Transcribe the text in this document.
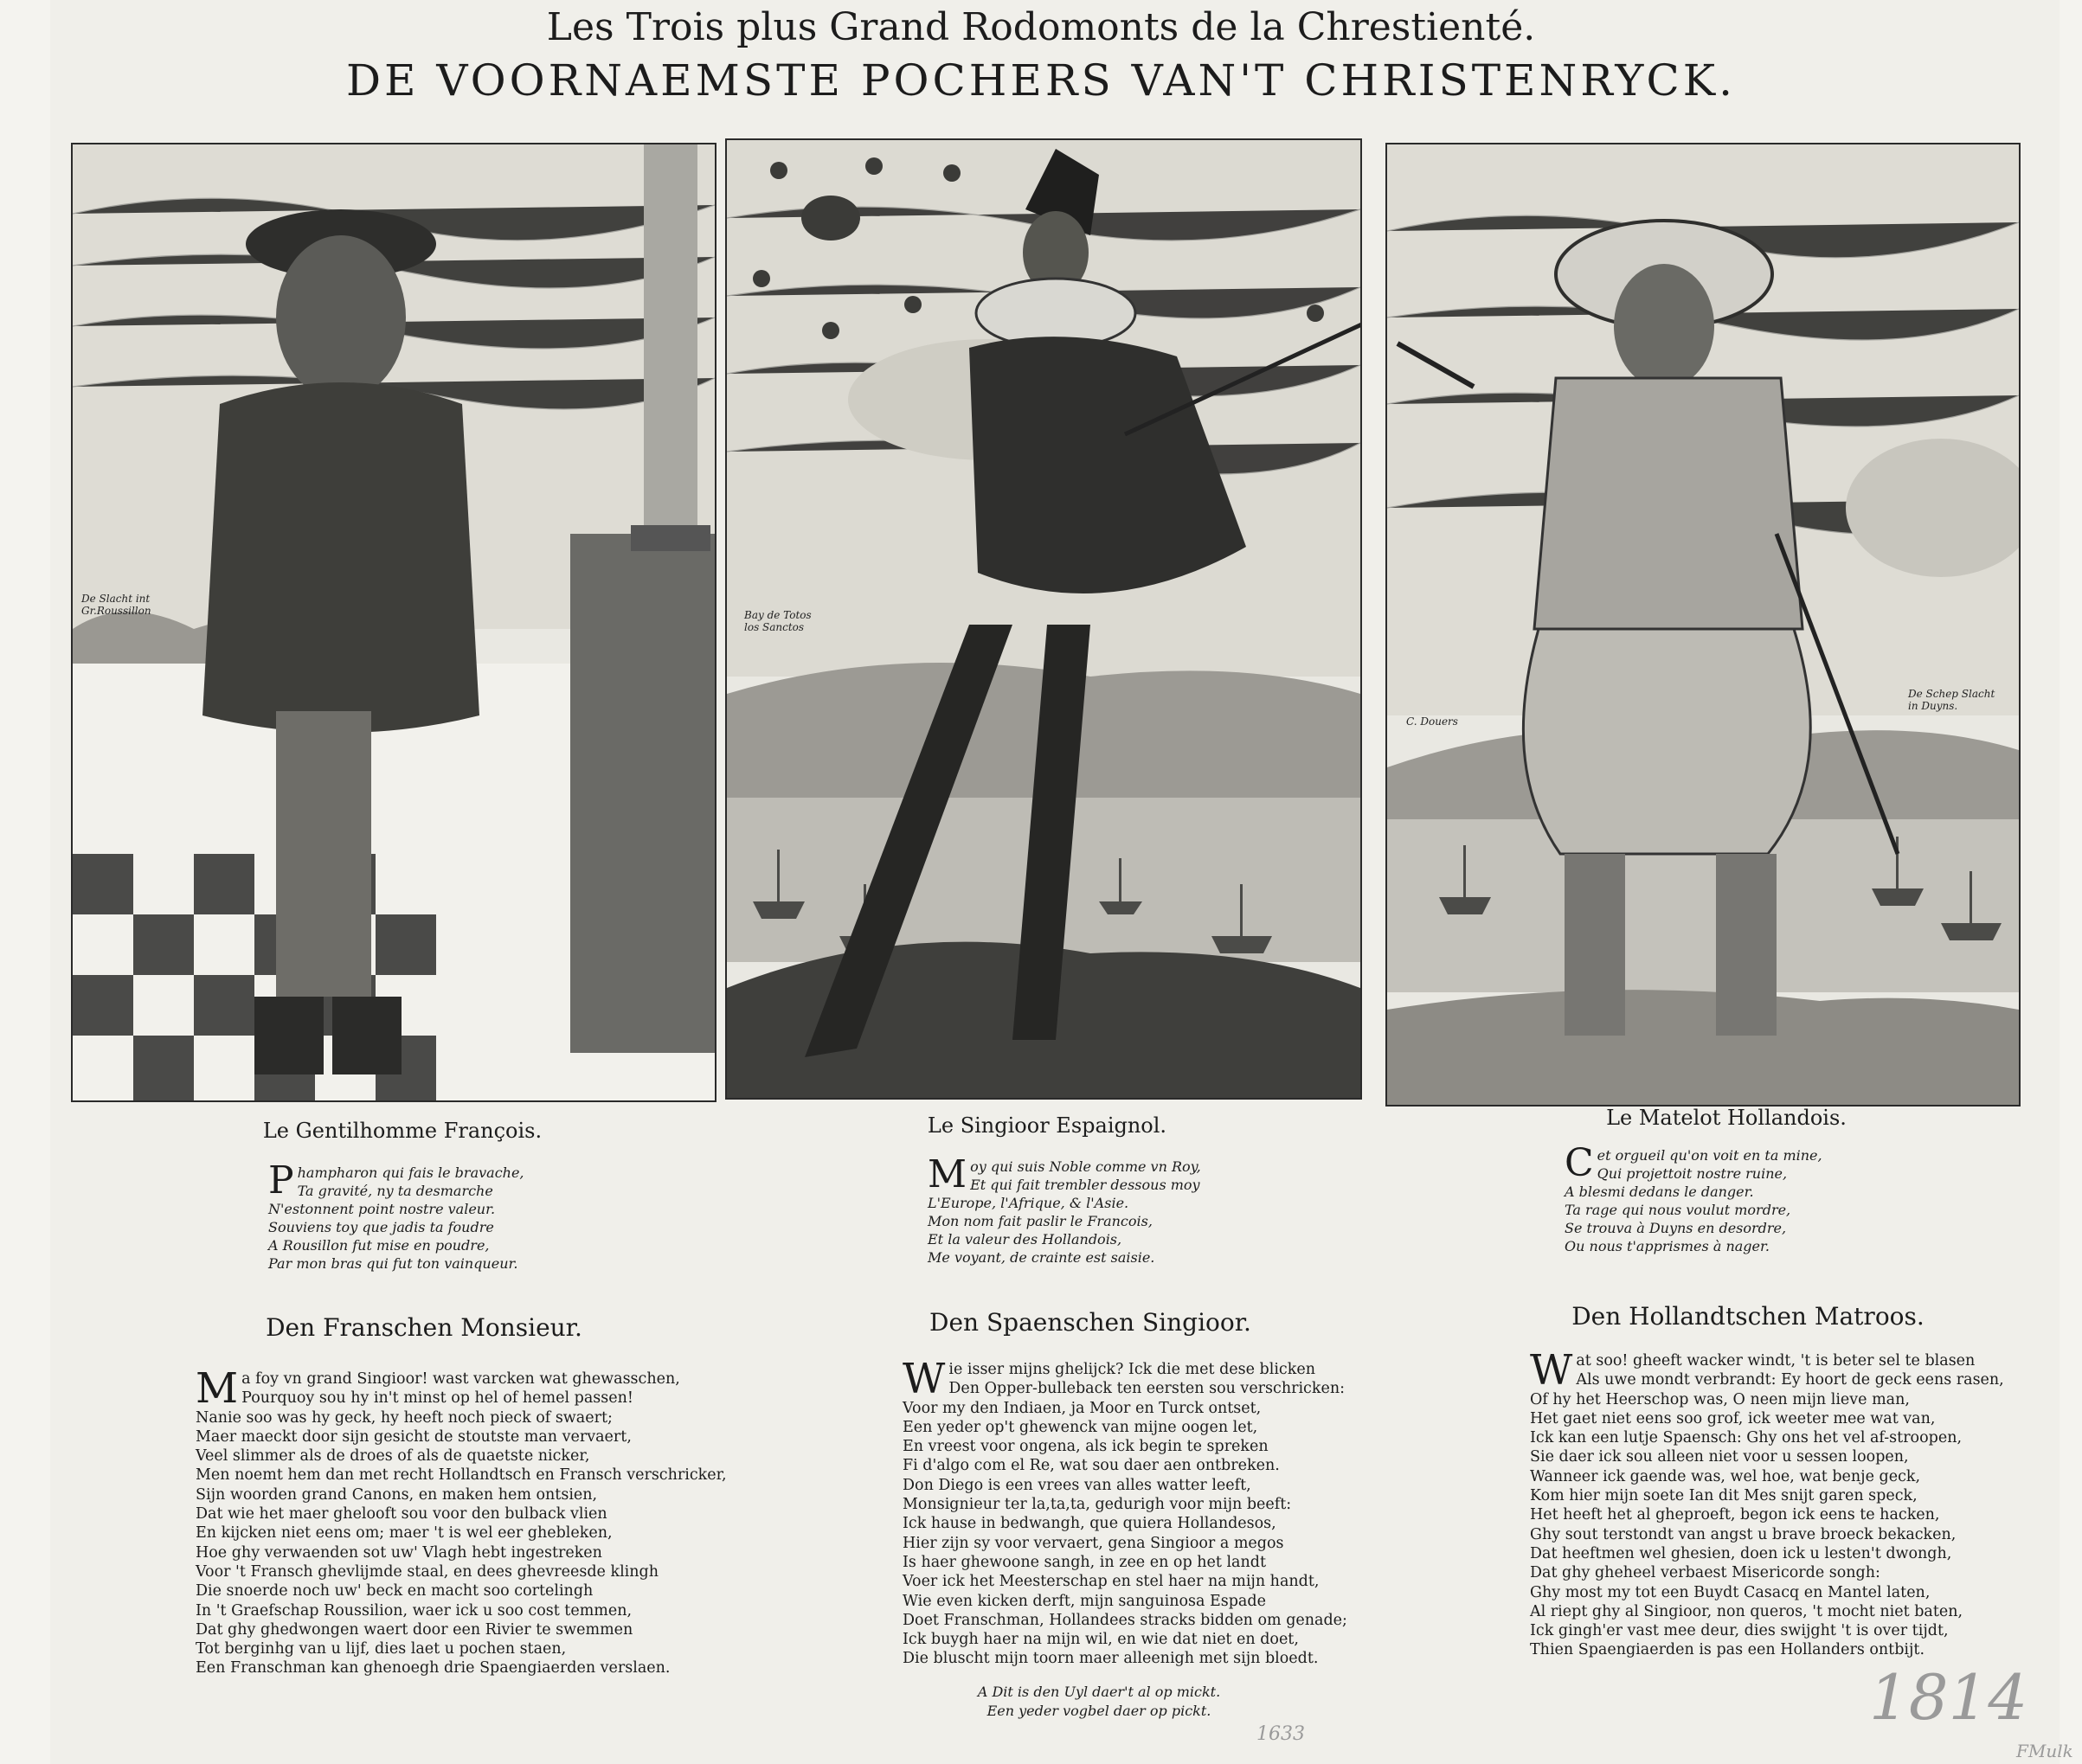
Les Trois plus Grand Rodomonts de la Chrestienté.
DE VOORNAEMSTE POCHERS VAN'T CHRISTENRYCK.
De Slacht int
Gr.Roussillon
Le Gentilhomme François.
Phampharon qui fais le bravache,
Ta gravité, ny ta desmarche
N'estonnent point nostre valeur.
Souviens toy que jadis ta foudre
A Rousillon fut mise en poudre,
Par mon bras qui fut ton vainqueur.
Bay de Totos
los Sanctos
Le Singioor Espaignol.
Moy qui suis Noble comme vn Roy,
Et qui fait trembler dessous moy
L'Europe, l'Afrique, & l'Asie.
Mon nom fait paslir le Francois,
Et la valeur des Hollandois,
Me voyant, de crainte est saisie.
C. Douers
De Schep Slacht
in Duyns.
Le Matelot Hollandois.
Cet orgueil qu'on voit en ta mine,
Qui projettoit nostre ruine,
A blesmi dedans le danger.
Ta rage qui nous voulut mordre,
Se trouva à Duyns en desordre,
Ou nous t'apprismes à nager.
Den Franschen Monsieur.
Ma foy vn grand Singioor! wast varcken wat ghewasschen,
Pourquoy sou hy in't minst op hel of hemel passen!
Nanie soo was hy geck, hy heeft noch pieck of swaert;
Maer maeckt door sijn gesicht de stoutste man vervaert,
Veel slimmer als de droes of als de quaetste nicker,
Men noemt hem dan met recht Hollandtsch en Fransch verschricker,
Sijn woorden grand Canons, en maken hem ontsien,
Dat wie het maer ghelooft sou voor den bulback vlien
En kijcken niet eens om; maer 't is wel eer ghebleken,
Hoe ghy verwaenden sot uw' Vlagh hebt ingestreken
Voor 't Fransch ghevlijmde staal, en dees ghevreesde klingh
Die snoerde noch uw' beck en macht soo cortelingh
In 't Graefschap Roussilion, waer ick u soo cost temmen,
Dat ghy ghedwongen waert door een Rivier te swemmen
Tot berginhg van u lijf, dies laet u pochen staen,
Een Franschman kan ghenoegh drie Spaengiaerden verslaen.
Den Spaenschen Singioor.
Wie isser mijns ghelijck? Ick die met dese blicken
Den Opper-bulleback ten eersten sou verschricken:
Voor my den Indiaen, ja Moor en Turck ontset,
Een yeder op't ghewenck van mijne oogen let,
En vreest voor ongena, als ick begin te spreken
Fi d'algo com el Re, wat sou daer aen ontbreken.
Don Diego is een vrees van alles watter leeft,
Monsignieur ter la,ta,ta, gedurigh voor mijn beeft:
Ick hause in bedwangh, que quiera Hollandesos,
Hier zijn sy voor vervaert, gena Singioor a megos
Is haer ghewoone sangh, in zee en op het landt
Voer ick het Meesterschap en stel haer na mijn handt,
Wie even kicken derft, mijn sanguinosa Espade
Doet Franschman, Hollandees stracks bidden om genade;
Ick buygh haer na mijn wil, en wie dat niet en doet,
Die bluscht mijn toorn maer alleenigh met sijn bloedt.
A Dit is den Uyl daer't al op mickt.
Een yeder vogbel daer op pickt.
Den Hollandtschen Matroos.
Wat soo! gheeft wacker windt, 't is beter sel te blasen
Als uwe mondt verbrandt: Ey hoort de geck eens rasen,
Of hy het Heerschop was, O neen mijn lieve man,
Het gaet niet eens soo grof, ick weeter mee wat van,
Ick kan een lutje Spaensch: Ghy ons het vel af-stroopen,
Sie daer ick sou alleen niet voor u sessen loopen,
Wanneer ick gaende was, wel hoe, wat benje geck,
Kom hier mijn soete Ian dit Mes snijt garen speck,
Het heeft het al gheproeft, begon ick eens te hacken,
Ghy sout terstondt van angst u brave broeck bekacken,
Dat heeftmen wel ghesien, doen ick u lesten't dwongh,
Dat ghy gheheel verbaest Misericorde songh:
Ghy most my tot een Buydt Casacq en Mantel laten,
Al riept ghy al Singioor, non queros, 't mocht niet baten,
Ick gingh'er vast mee deur, dies swijght 't is over tijdt,
Thien Spaengiaerden is pas een Hollanders ontbijt.
1633
1814
FMulk
